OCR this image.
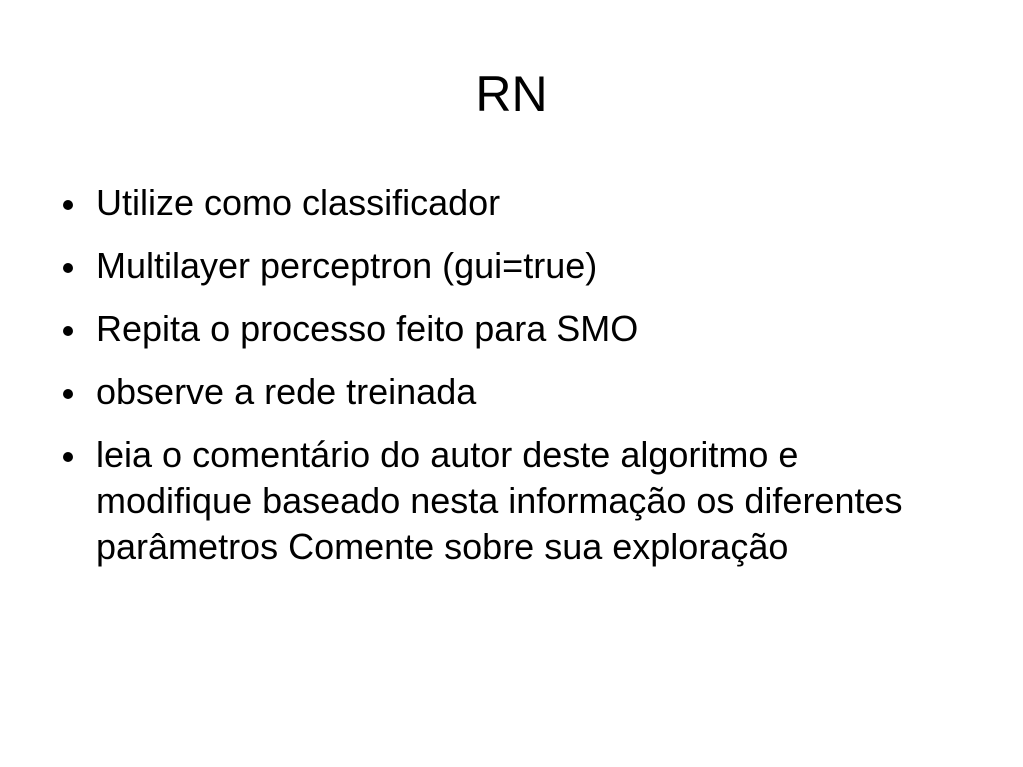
RN
Utilize como classificador
Multilayer perceptron (gui=true)
Repita o processo feito para SMO
observe a rede treinada
leia o comentário do autor deste algoritmo e modifique baseado nesta informação os diferentes parâmetros Comente sobre sua exploração
